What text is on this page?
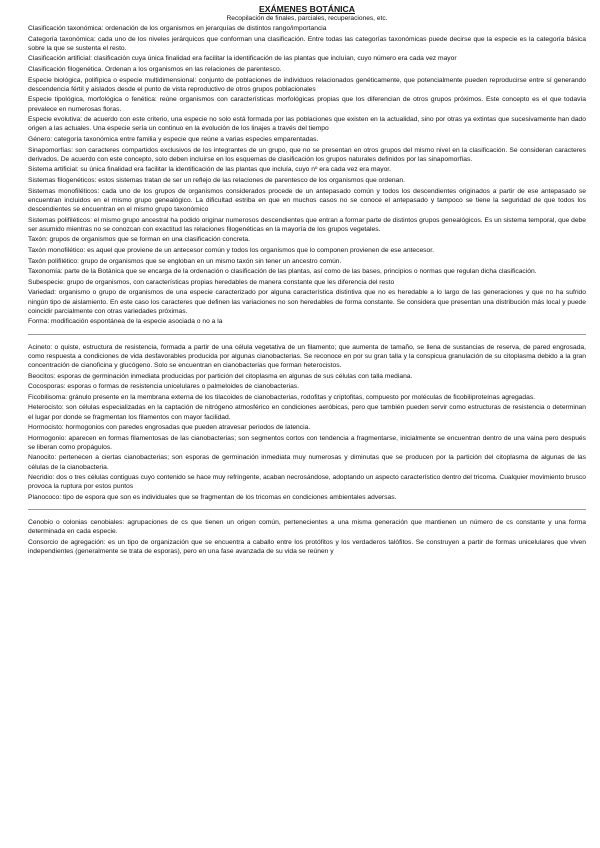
EXÁMENES BOTÁNICA
Recopilación de finales, parciales, recuperaciones, etc.

Clasificación taxonómica: ordenación de los organismos en jerarquías de distintos rango/importancia

Categoría taxonómica: cada uno de los niveles jerárquicos que conforman una clasificación. Entre todas las categorías taxonómicas puede decirse que la especie es la categoría básica sobre la que se sustenta el resto.

Clasificación artificial: clasificación cuya única finalidad era facilitar la identificación de las plantas que incluían, cuyo número era cada vez mayor

Clasificación filogenética. Ordenan a los organismos en las relaciones de parentesco.

Especie biológica, polifípica o especie multidimensional: conjunto de poblaciones de individuos relacionados genéticamente, que potencialmente pueden reproducirse entre sí generando descendencia fértil y aislados desde el punto de vista reproductivo de otros grupos poblacionales

Especie tipológica, morfológica o fenética: reúne organismos con características morfológicas propias que los diferencian de otros grupos próximos. Este concepto es el que todavía prevalece en numerosas floras.

Especie evolutiva: de acuerdo con este criterio, una especie no solo está formada por las poblaciones que existen en la actualidad, sino por otras ya extintas que sucesivamente han dado origen a las actuales. Una especie sería un continuo en la evolución de los linajes a través del tiempo

Género: categoría taxonómica entre familia y especie que reúne a varias especies emparentadas.

Sinapomorfías: son caracteres compartidos exclusivos de los integrantes de un grupo, que no se presentan en otros grupos del mismo nivel en la clasificación. Se consideran caracteres derivados. De acuerdo con este concepto, solo deben incluirse en los esquemas de clasificación los grupos naturales definidos por las sinapomorfías.

Sistema artificial: su única finalidad era facilitar la identificación de las plantas que incluía, cuyo nº era cada vez era mayor.

Sistemas filogenéticos: estos sistemas tratan de ser un reflejo de las relaciones de parentesco de los organismos que ordenan.

Sistemas monofiléticos: cada uno de los grupos de organismos considerados procede de un antepasado común y todos los descendientes originados a partir de ese antepasado se encuentran incluidos en el mismo grupo genealógico. La dificultad estriba en que en muchos casos no se conoce el antepasado y tampoco se tiene la seguridad de que todos los descendientes se encuentran en el mismo grupo taxonómico

Sistemas polifiléticos: el mismo grupo ancestral ha podido originar numerosos descendientes que entran a formar parte de distintos grupos genealógicos. Es un sistema temporal, que debe ser asumido mientras no se conozcan con exactitud las relaciones filogenéticas en la mayoría de los grupos vegetales.

Taxón: grupos de organismos que se forman en una clasificación concreta.

Taxón monofilético: es aquel que proviene de un antecesor común y todos los organismos que lo componen provienen de ese antecesor.

Taxón polifilético: grupo de organismos que se engloban en un mismo taxón sin tener un ancestro común.

Taxonomía: parte de la Botánica que se encarga de la ordenación o clasificación de las plantas, así como de las bases, principios o normas que regulan dicha clasificación.

Subespecie: grupo de organismos, con características propias heredables de manera constante que les diferencia del resto

Variedad: organismo o grupo de organismos de una especie caracterizado por alguna característica distintiva que no es heredable a lo largo de las generaciones y que no ha sufrido ningún tipo de aislamiento. En este caso los caracteres que definen las variaciones no son heredables de forma constante. Se considera que presentan una distribución más local y puede coincidir parcialmente con otras variedades próximas.

Forma: modificación espontánea de la especie asociada o no a la

Acineto: o quiste, estructura de resistencia, formada a partir de una célula vegetativa de un filamento; que aumenta de tamaño, se llena de sustancias de reserva, de pared engrosada, como respuesta a condiciones de vida desfavorables producida por algunas cianobacterias. Se reconoce en por su gran talla y la conspicua granulación de su citoplasma debido a la gran concentración de cianoficina y glucógeno. Solo se encuentran en cianobacterias que forman heterocistos.

Beocitos: esporas de germinación inmediata producidas por partición del citoplasma en algunas de sus células con talla mediana.

Cocosporas: esporas o formas de resistencia unicelulares o palmeloides de cianobacterias.

Ficobilisoma: gránulo presente en la membrana externa de los tilacoides de cianobacterias, rodofitas y criptofitas, compuesto por moléculas de ficobiliproteínas agregadas.

Heterocisto: son células especializadas en la captación de nitrógeno atmosférico en condiciones aeróbicas, pero que también pueden servir como estructuras de resistencia o determinan el lugar por donde se fragmentan los filamentos con mayor facilidad.

Hormocisto: hormogonios con paredes engrosadas que pueden atravesar periodos de latencia.

Hormogonio: aparecen en formas filamentosas de las cianobacterias; son segmentos cortos con tendencia a fragmentarse, inicialmente se encuentran dentro de una vaina pero después se liberan como propágulos.

Nanocito: pertenecen a ciertas cianobacterias; son esporas de germinación inmediata muy numerosas y diminutas que se producen por la partición del citoplasma de algunas de las células de la cianobacteria.

Necridio: dos o tres células contiguas cuyo contenido se hace muy refringente, acaban necrosándose, adoptando un aspecto característico dentro del tricoma. Cualquier movimiento brusco provoca la ruptura por estos puntos

Planococo: tipo de espora que son es individuales que se fragmentan de los tricomas en condiciones ambientales adversas.

Cenobio o colonias cenobiales: agrupaciones de cs que tienen un origen común, pertenecientes a una misma generación que mantienen un número de cs constante y una forma determinada en cada especie.

Consorcio de agregación: es un tipo de organización que se encuentra a caballo entre los protófitos y los verdaderos talófitos. Se construyen a partir de formas unicelulares que viven independientes (generalmente se trata de esporas), pero en una fase avanzada de su vida se reúnen y
